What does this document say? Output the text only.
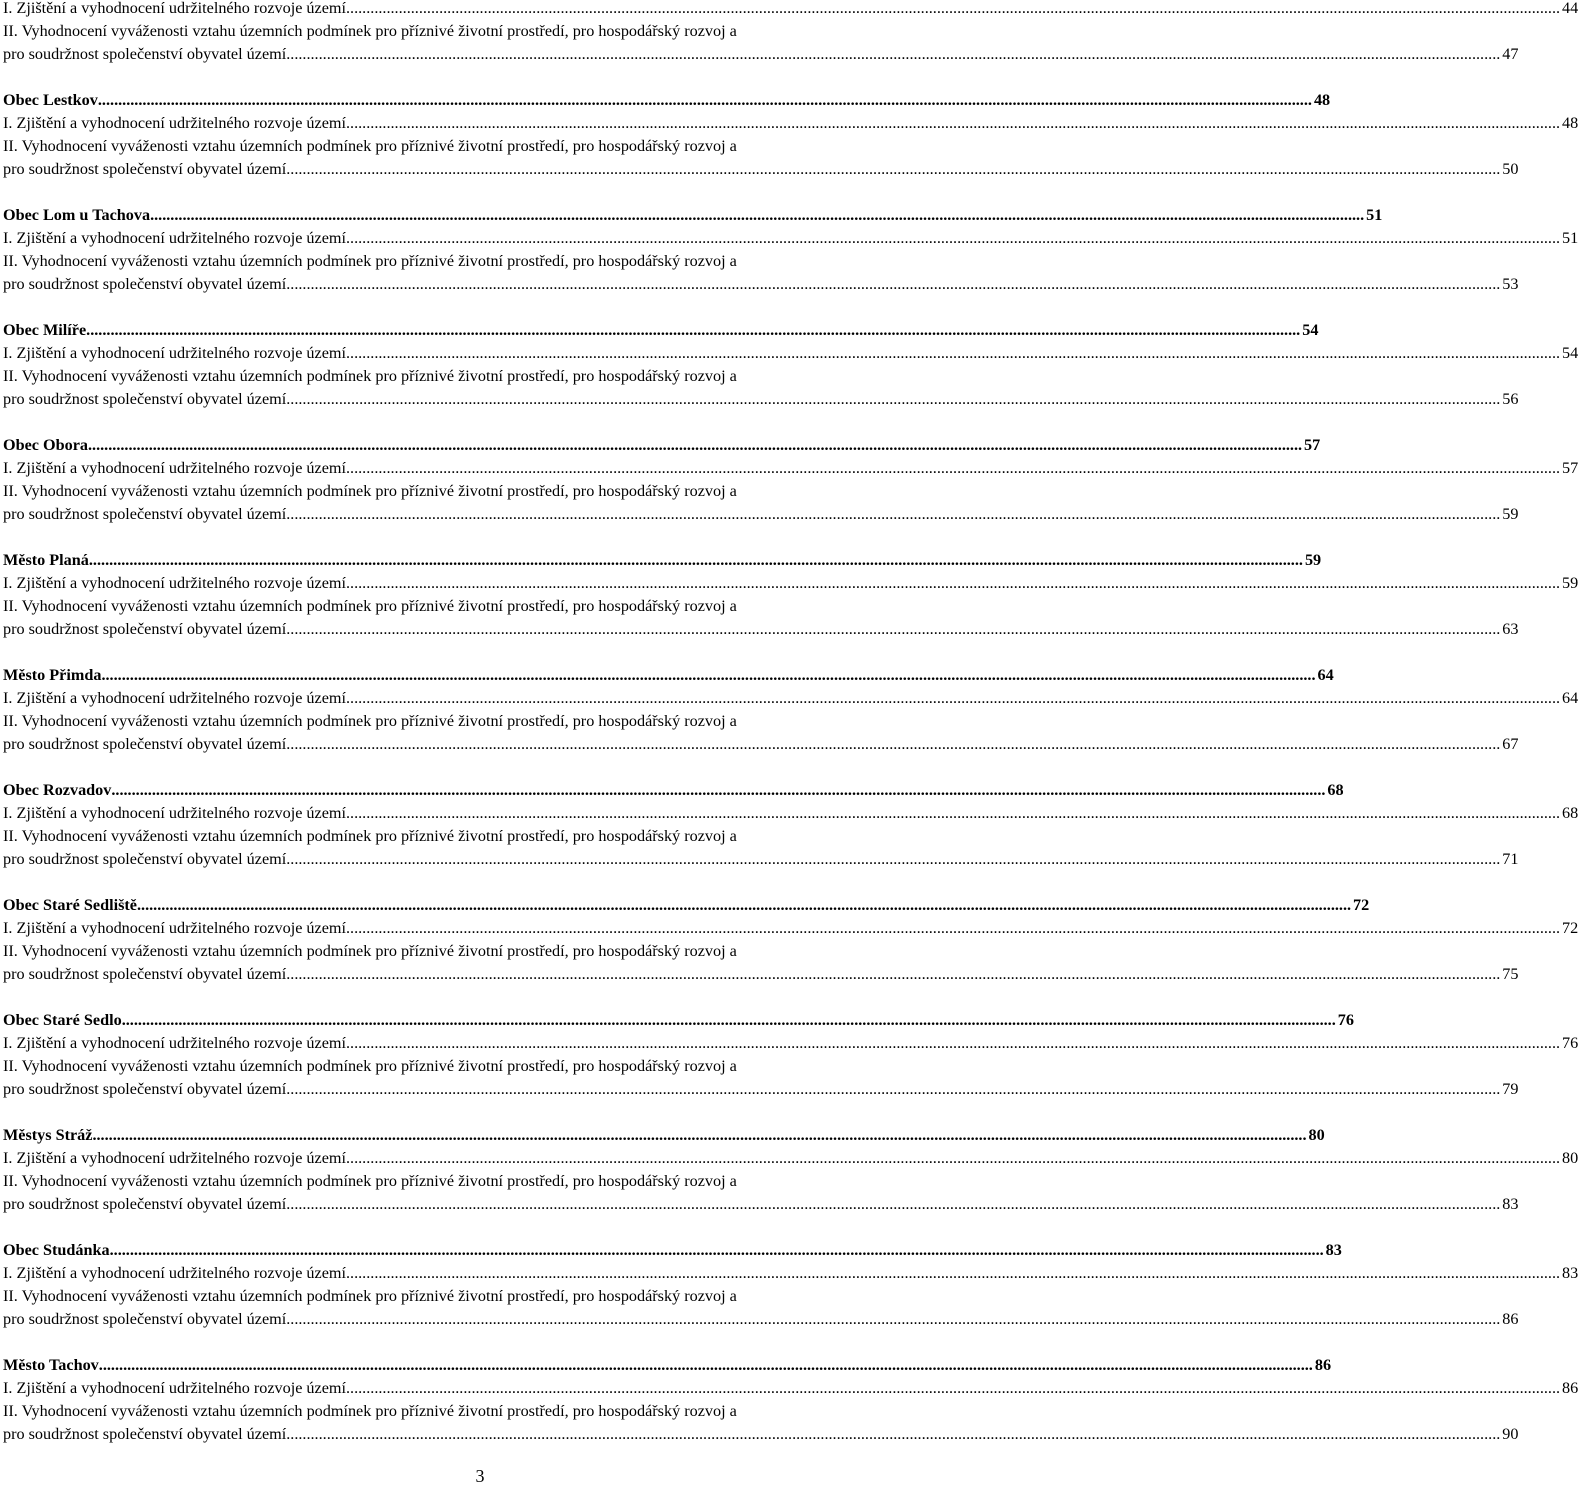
I. Zjištění a vyhodnocení udržitelného rozvoje území ............................................................................................................................................................................................................................................................................................................ 44
II. Vyhodnocení vyváženosti vztahu územních podmínek pro příznivé životní prostředí, pro hospodářský rozvoj a
pro soudržnost společenství obyvatel území ............................................................................................................................................................................................................................................................................................................ 47
Obec Lestkov ............................................................................................................................................................................................................................................................................................................ 48
I. Zjištění a vyhodnocení udržitelného rozvoje území ............................................................................................................................................................................................................................................................................................................ 48
II. Vyhodnocení vyváženosti vztahu územních podmínek pro příznivé životní prostředí, pro hospodářský rozvoj a
pro soudržnost společenství obyvatel území ............................................................................................................................................................................................................................................................................................................ 50
Obec Lom u Tachova ............................................................................................................................................................................................................................................................................................................ 51
I. Zjištění a vyhodnocení udržitelného rozvoje území ............................................................................................................................................................................................................................................................................................................ 51
II. Vyhodnocení vyváženosti vztahu územních podmínek pro příznivé životní prostředí, pro hospodářský rozvoj a
pro soudržnost společenství obyvatel území ............................................................................................................................................................................................................................................................................................................ 53
Obec Milíře ............................................................................................................................................................................................................................................................................................................ 54
I. Zjištění a vyhodnocení udržitelného rozvoje území ............................................................................................................................................................................................................................................................................................................ 54
II. Vyhodnocení vyváženosti vztahu územních podmínek pro příznivé životní prostředí, pro hospodářský rozvoj a
pro soudržnost společenství obyvatel území ............................................................................................................................................................................................................................................................................................................ 56
Obec Obora ............................................................................................................................................................................................................................................................................................................ 57
I. Zjištění a vyhodnocení udržitelného rozvoje území ............................................................................................................................................................................................................................................................................................................ 57
II. Vyhodnocení vyváženosti vztahu územních podmínek pro příznivé životní prostředí, pro hospodářský rozvoj a
pro soudržnost společenství obyvatel území ............................................................................................................................................................................................................................................................................................................ 59
Město Planá ............................................................................................................................................................................................................................................................................................................ 59
I. Zjištění a vyhodnocení udržitelného rozvoje území ............................................................................................................................................................................................................................................................................................................ 59
II. Vyhodnocení vyváženosti vztahu územních podmínek pro příznivé životní prostředí, pro hospodářský rozvoj a
pro soudržnost společenství obyvatel území ............................................................................................................................................................................................................................................................................................................ 63
Město Přimda ............................................................................................................................................................................................................................................................................................................ 64
I. Zjištění a vyhodnocení udržitelného rozvoje území ............................................................................................................................................................................................................................................................................................................ 64
II. Vyhodnocení vyváženosti vztahu územních podmínek pro příznivé životní prostředí, pro hospodářský rozvoj a
pro soudržnost společenství obyvatel území ............................................................................................................................................................................................................................................................................................................ 67
Obec Rozvadov ............................................................................................................................................................................................................................................................................................................ 68
I. Zjištění a vyhodnocení udržitelného rozvoje území ............................................................................................................................................................................................................................................................................................................ 68
II. Vyhodnocení vyváženosti vztahu územních podmínek pro příznivé životní prostředí, pro hospodářský rozvoj a
pro soudržnost společenství obyvatel území ............................................................................................................................................................................................................................................................................................................ 71
Obec Staré Sedliště ............................................................................................................................................................................................................................................................................................................ 72
I. Zjištění a vyhodnocení udržitelného rozvoje území ............................................................................................................................................................................................................................................................................................................ 72
II. Vyhodnocení vyváženosti vztahu územních podmínek pro příznivé životní prostředí, pro hospodářský rozvoj a
pro soudržnost společenství obyvatel území ............................................................................................................................................................................................................................................................................................................ 75
Obec Staré Sedlo ............................................................................................................................................................................................................................................................................................................ 76
I. Zjištění a vyhodnocení udržitelného rozvoje území ............................................................................................................................................................................................................................................................................................................ 76
II. Vyhodnocení vyváženosti vztahu územních podmínek pro příznivé životní prostředí, pro hospodářský rozvoj a
pro soudržnost společenství obyvatel území ............................................................................................................................................................................................................................................................................................................ 79
Městys Stráž ............................................................................................................................................................................................................................................................................................................ 80
I. Zjištění a vyhodnocení udržitelného rozvoje území ............................................................................................................................................................................................................................................................................................................ 80
II. Vyhodnocení vyváženosti vztahu územních podmínek pro příznivé životní prostředí, pro hospodářský rozvoj a
pro soudržnost společenství obyvatel území ............................................................................................................................................................................................................................................................................................................ 83
Obec Studánka ............................................................................................................................................................................................................................................................................................................ 83
I. Zjištění a vyhodnocení udržitelného rozvoje území ............................................................................................................................................................................................................................................................................................................ 83
II. Vyhodnocení vyváženosti vztahu územních podmínek pro příznivé životní prostředí, pro hospodářský rozvoj a
pro soudržnost společenství obyvatel území ............................................................................................................................................................................................................................................................................................................ 86
Město Tachov ............................................................................................................................................................................................................................................................................................................ 86
I. Zjištění a vyhodnocení udržitelného rozvoje území ............................................................................................................................................................................................................................................................................................................ 86
II. Vyhodnocení vyváženosti vztahu územních podmínek pro příznivé životní prostředí, pro hospodářský rozvoj a
pro soudržnost společenství obyvatel území ............................................................................................................................................................................................................................................................................................................ 90
3
